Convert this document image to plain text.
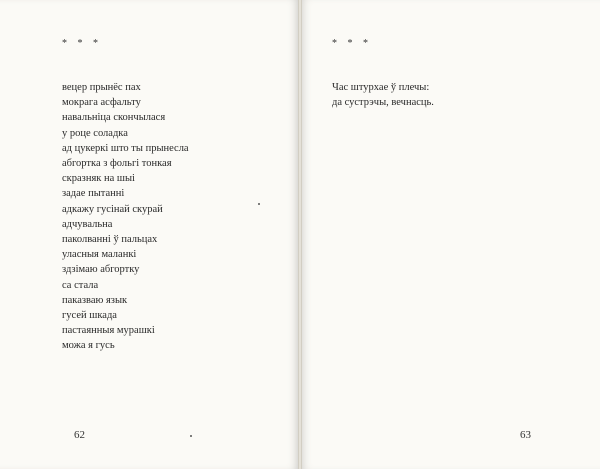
* * *
вецер прынёс пах
мокрага асфальту
навальніца скончылася
у роце соладка
ад цукеркі што ты прынесла
абгортка з фольгі тонкая
скразняк на шыі
задае пытанні
адкажу гусінай скурай
адчувальна
паколванні ў пальцах
уласныя маланкі
здзімаю абгортку
са стала
паказваю язык
гусей шкада
пастаянныя мурашкі
можа я гусь
62
* * *
Час штурхае ў плечы:
да сустрэчы, вечнасць.
63
